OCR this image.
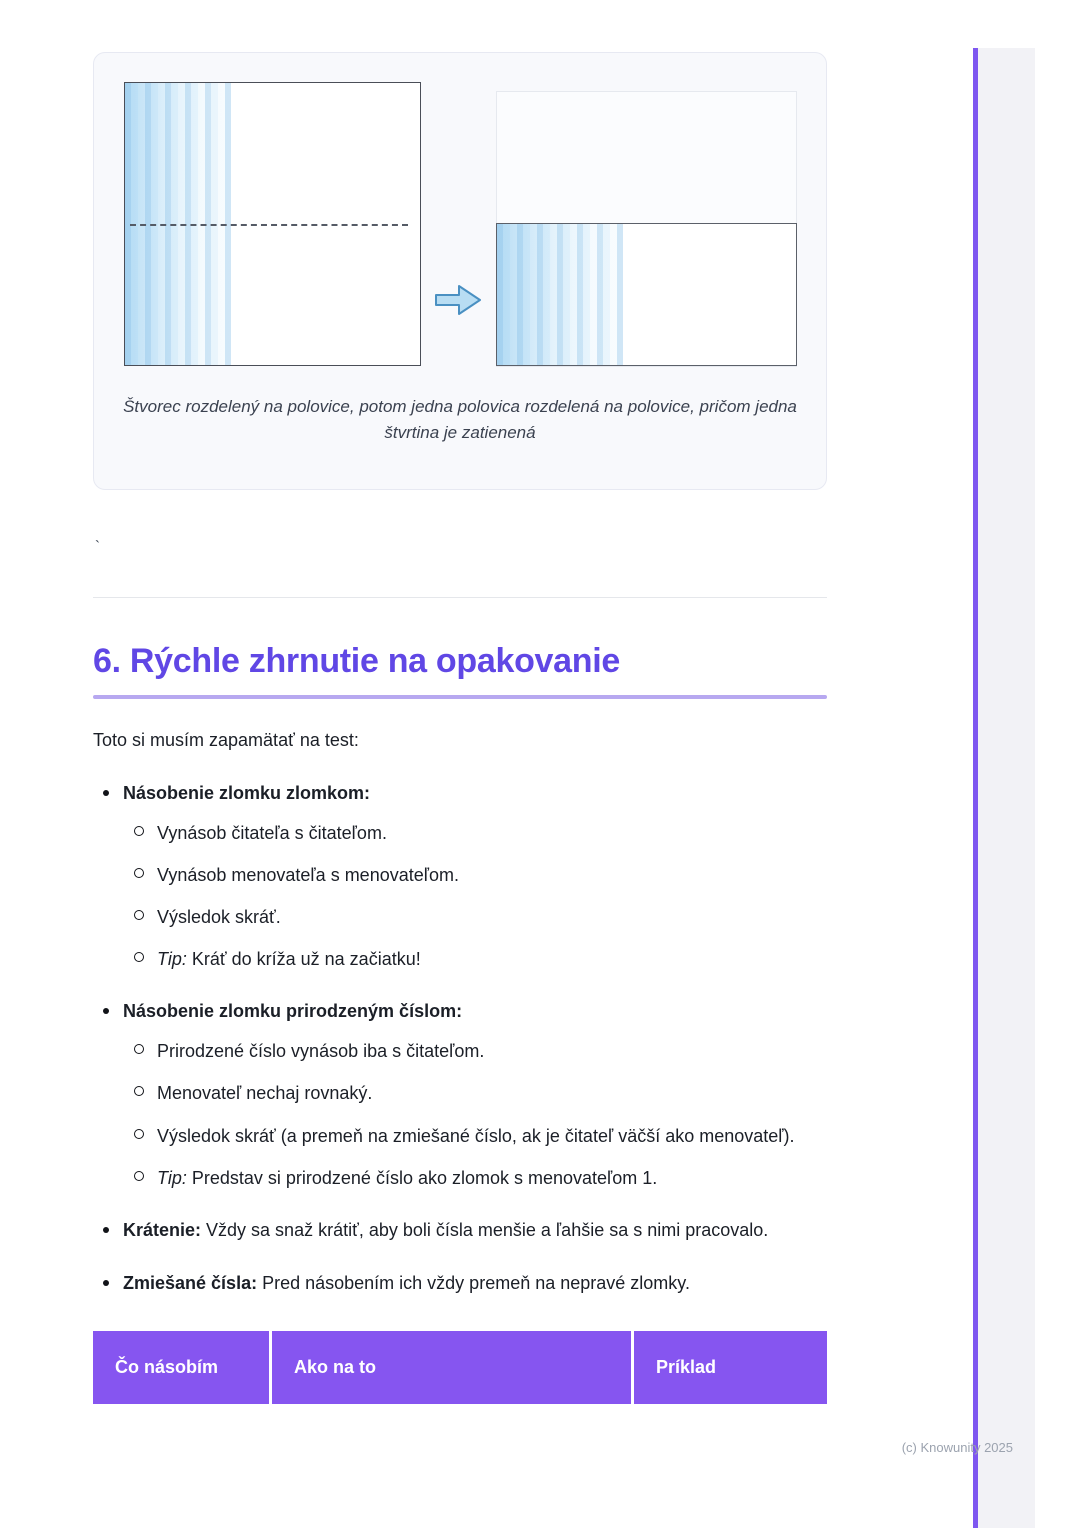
Štvorec rozdelený na polovice, potom jedna polovica rozdelená na polovice, pričom jedna štvrtina je zatienená
`
6. Rýchle zhrnutie na opakovanie

Toto si musím zapamätať na test:

Násobenie zlomku zlomkom:
Vynásob čitateľa s čitateľom.
Vynásob menovateľa s menovateľom.
Výsledok skráť.
Tip: Kráť do kríža už na začiatku!
Násobenie zlomku prirodzeným číslom:
Prirodzené číslo vynásob iba s čitateľom.
Menovateľ nechaj rovnaký.
Výsledok skráť (a premeň na zmiešané číslo, ak je čitateľ väčší ako menovateľ).
Tip: Predstav si prirodzené číslo ako zlomok s menovateľom 1.
Krátenie: Vždy sa snaž krátiť, aby boli čísla menšie a ľahšie sa s nimi pracovalo.
Zmiešané čísla: Pred násobením ich vždy premeň na nepravé zlomky.
Čo násobím	Ako na to	Príklad
(c) Knowunity 2025
